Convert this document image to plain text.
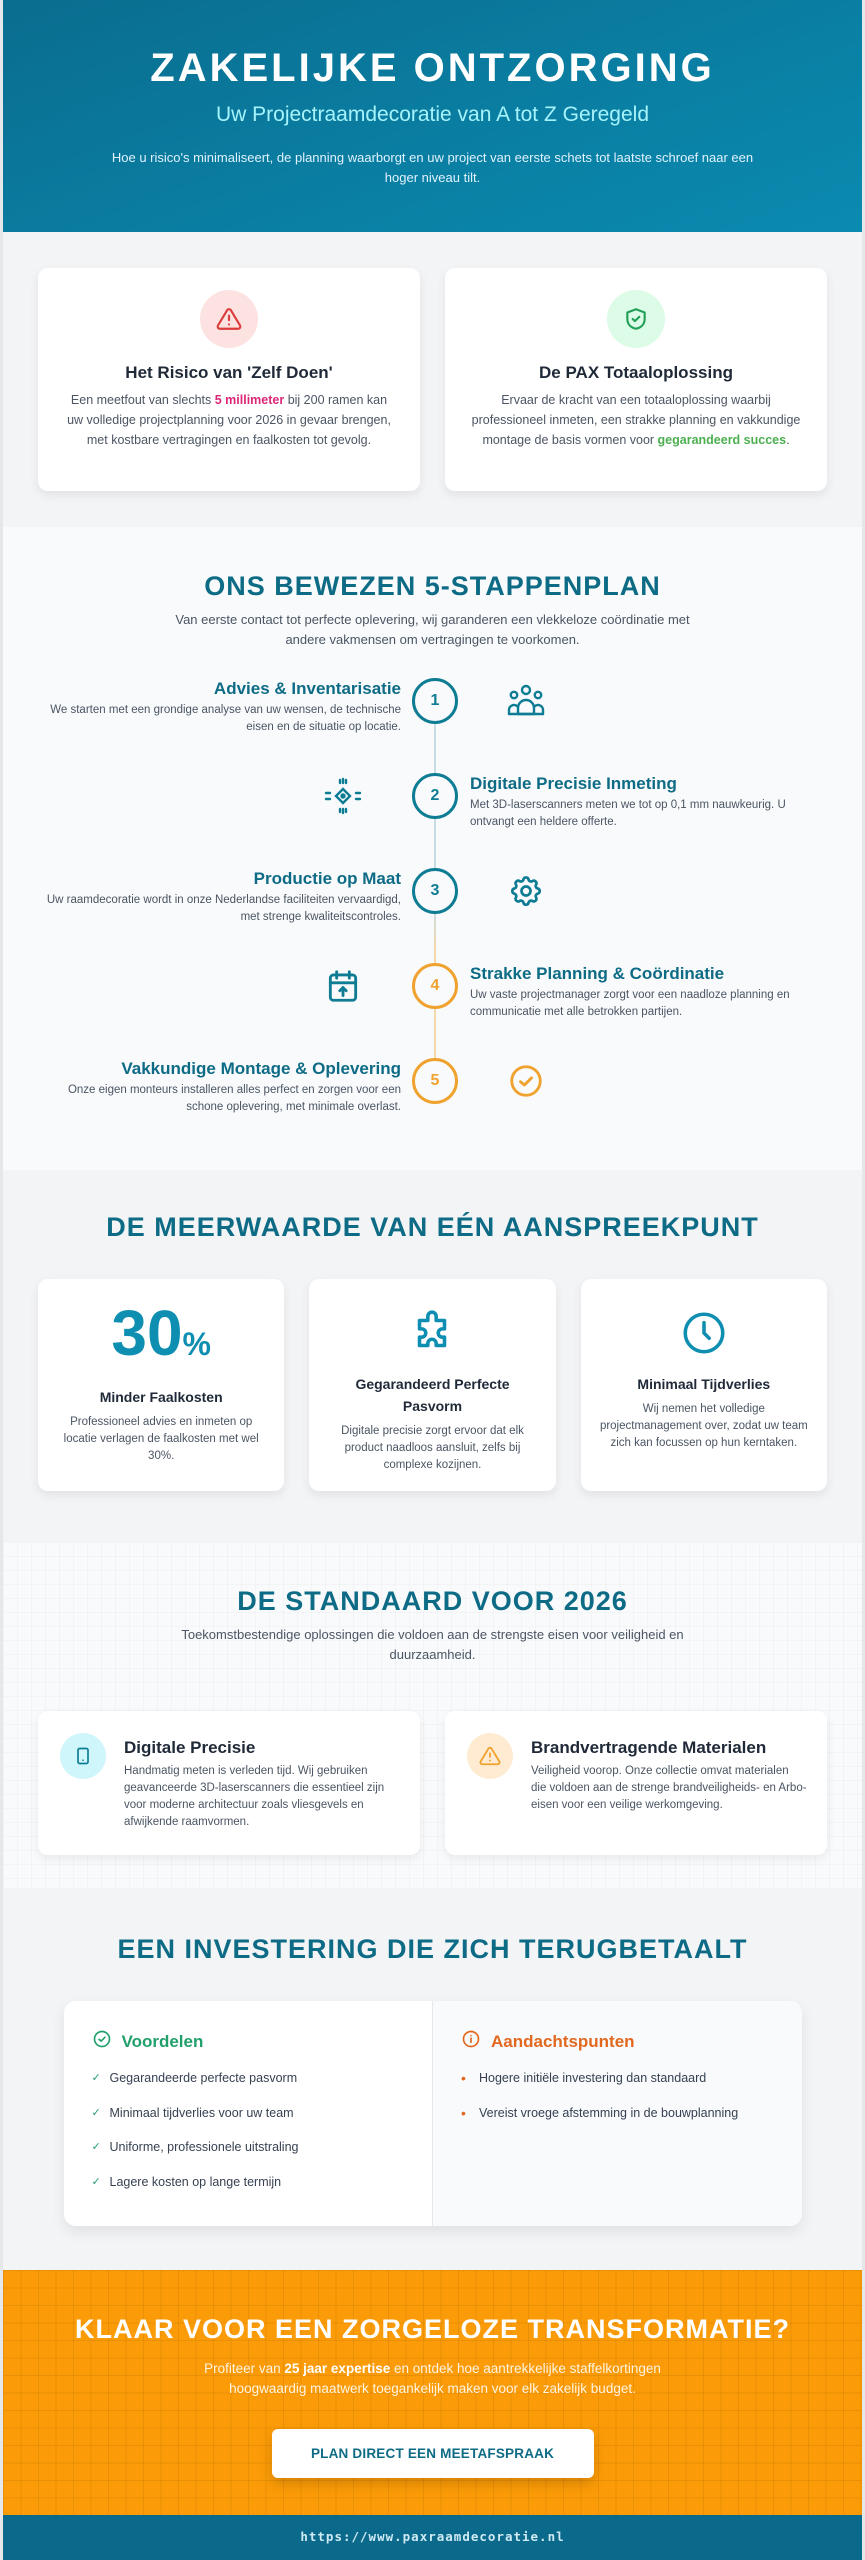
ZAKELIJKE ONTZORGING
Uw Projectraamdecoratie van A tot Z Geregeld

Hoe u risico's minimaliseert, de planning waarborgt en uw project van eerste schets tot laatste schroef naar een hoger niveau tilt.

Het Risico van 'Zelf Doen'

Een meetfout van slechts 5 millimeter bij 200 ramen kan uw volledige projectplanning voor 2026 in gevaar brengen, met kostbare vertragingen en faalkosten tot gevolg.

De PAX Totaaloplossing

Ervaar de kracht van een totaaloplossing waarbij professioneel inmeten, een strakke planning en vakkundige montage de basis vormen voor gegarandeerd succes.

ONS BEWEZEN 5-STAPPENPLAN

Van eerste contact tot perfecte oplevering, wij garanderen een vlekkeloze coördinatie met andere vakmensen om vertragingen te voorkomen.

Advies & Inventarisatie

We starten met een grondige analyse van uw wensen, de technische eisen en de situatie op locatie.

1
2
Digitale Precisie Inmeting

Met 3D-laserscanners meten we tot op 0,1 mm nauwkeurig. U ontvangt een heldere offerte.

Productie op Maat

Uw raamdecoratie wordt in onze Nederlandse faciliteiten vervaardigd, met strenge kwaliteitscontroles.

3
4
Strakke Planning & Coördinatie

Uw vaste projectmanager zorgt voor een naadloze planning en communicatie met alle betrokken partijen.

Vakkundige Montage & Oplevering

Onze eigen monteurs installeren alles perfect en zorgen voor een schone oplevering, met minimale overlast.

5
DE MEERWAARDE VAN EÉN AANSPREEKPUNT
30%
Minder Faalkosten

Professioneel advies en inmeten op locatie verlagen de faalkosten met wel 30%.

Gegarandeerd Perfecte Pasvorm

Digitale precisie zorgt ervoor dat elk product naadloos aansluit, zelfs bij complexe kozijnen.

Minimaal Tijdverlies

Wij nemen het volledige projectmanagement over, zodat uw team zich kan focussen op hun kerntaken.

DE STANDAARD VOOR 2026

Toekomstbestendige oplossingen die voldoen aan de strengste eisen voor veiligheid en duurzaamheid.

Digitale Precisie

Handmatig meten is verleden tijd. Wij gebruiken geavanceerde 3D-laserscanners die essentieel zijn voor moderne architectuur zoals vliesgevels en afwijkende raamvormen.

Brandvertragende Materialen

Veiligheid voorop. Onze collectie omvat materialen die voldoen aan de strenge brandveiligheids- en Arbo-eisen voor een veilige werkomgeving.

EEN INVESTERING DIE ZICH TERUGBETAALT
Voordelen
✓ Gegarandeerde perfecte pasvorm
✓ Minimaal tijdverlies voor uw team
✓ Uniforme, professionele uitstraling
✓ Lagere kosten op lange termijn
Aandachtspunten
•	Hogere initiële investering dan standaard
•	Vereist vroege afstemming in de bouwplanning
KLAAR VOOR EEN ZORGELOZE TRANSFORMATIE?

Profiteer van 25 jaar expertise en ontdek hoe aantrekkelijke staffelkortingen hoogwaardig maatwerk toegankelijk maken voor elk zakelijk budget.

PLAN DIRECT EEN MEETAFSPRAAK
https://www.paxraamdecoratie.nl
